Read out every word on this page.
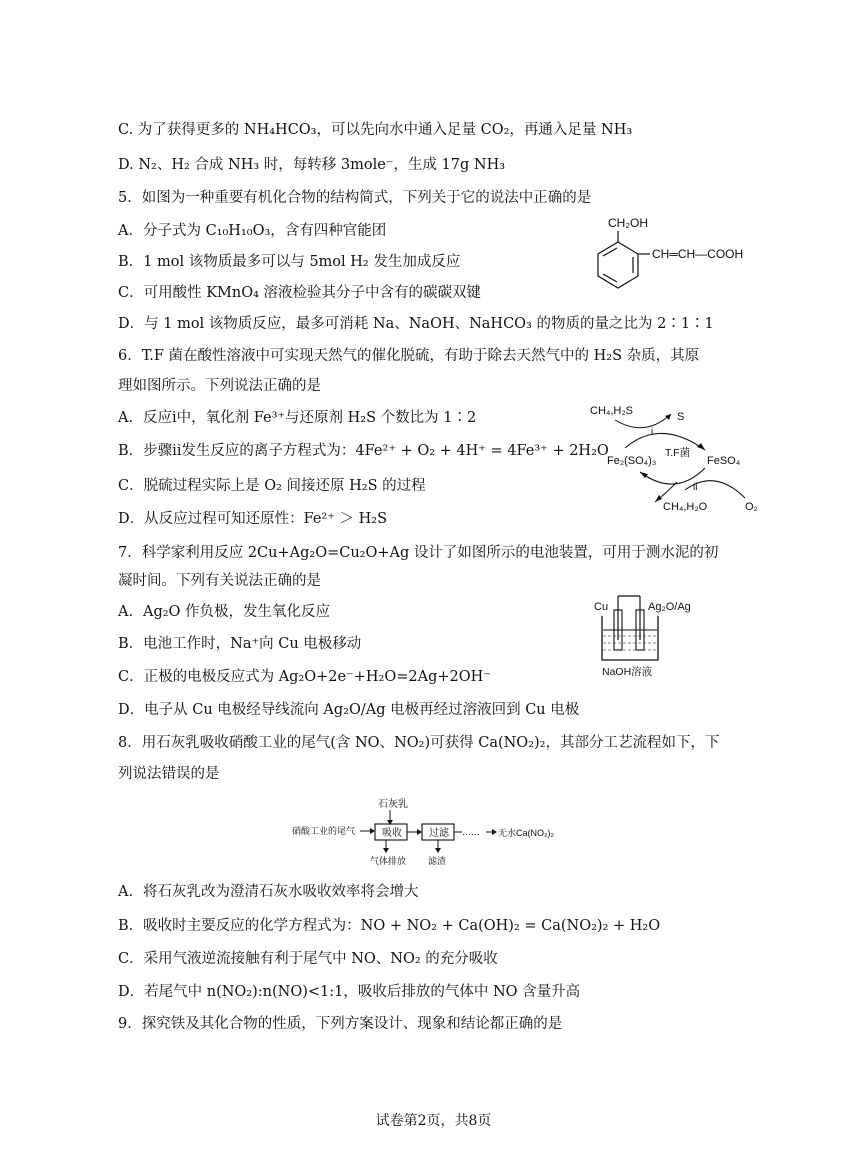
C. 为了获得更多的 NH₄HCO₃，可以先向水中通入足量 CO₂，再通入足量 NH₃
D. N₂、H₂ 合成 NH₃ 时，每转移 3mole⁻，生成 17g NH₃
5．如图为一种重要有机化合物的结构简式，下列关于它的说法中正确的是
A．分子式为 C₁₀H₁₀O₃，含有四种官能团
B．1 mol 该物质最多可以与 5mol H₂ 发生加成反应
C．可用酸性 KMnO₄ 溶液检验其分子中含有的碳碳双键
D．与 1 mol 该物质反应，最多可消耗 Na、NaOH、NaHCO₃ 的物质的量之比为 2∶1∶1
CH₂OH
CH═CH—COOH
6．T.F 菌在酸性溶液中可实现天然气的催化脱硫，有助于除去天然气中的 H₂S 杂质，其原
理如图所示。下列说法正确的是
A．反应ⅰ中，氧化剂 Fe³⁺与还原剂 H₂S 个数比为 1∶2
B．步骤ⅱ发生反应的离子方程式为：4Fe²⁺ + O₂ + 4H⁺ = 4Fe³⁺ + 2H₂O
C．脱硫过程实际上是 O₂ 间接还原 H₂S 的过程
D．从反应过程可知还原性：Fe²⁺ ＞ H₂S
CH₄,H₂S	S
i
T.F菌
Fe₂(SO₄)₃	FeSO₄
ii
CH₄,H₂O	O₂
7．科学家利用反应 2Cu+Ag₂O=Cu₂O+Ag 设计了如图所示的电池装置，可用于测水泥的初
凝时间。下列有关说法正确的是
A．Ag₂O 作负极，发生氧化反应
B．电池工作时，Na⁺向 Cu 电极移动
C．正极的电极反应式为 Ag₂O+2e⁻+H₂O=2Ag+2OH⁻
D．电子从 Cu 电极经导线流向 Ag₂O/Ag 电极再经过溶液回到 Cu 电极
Cu	Ag₂O/Ag
NaOH溶液
8．用石灰乳吸收硝酸工业的尾气(含 NO、NO₂)可获得 Ca(NO₂)₂，其部分工艺流程如下，下
列说法错误的是
石灰乳
硝酸工业的尾气	吸收	过滤 …… 无水Ca(NO₂)₂
气体排放 滤渣
A．将石灰乳改为澄清石灰水吸收效率将会增大
B．吸收时主要反应的化学方程式为：NO + NO₂ + Ca(OH)₂ = Ca(NO₂)₂ + H₂O
C．采用气液逆流接触有利于尾气中 NO、NO₂ 的充分吸收
D．若尾气中 n(NO₂):n(NO)<1:1，吸收后排放的气体中 NO 含量升高
9．探究铁及其化合物的性质，下列方案设计、现象和结论都正确的是
试卷第2页，共8页
